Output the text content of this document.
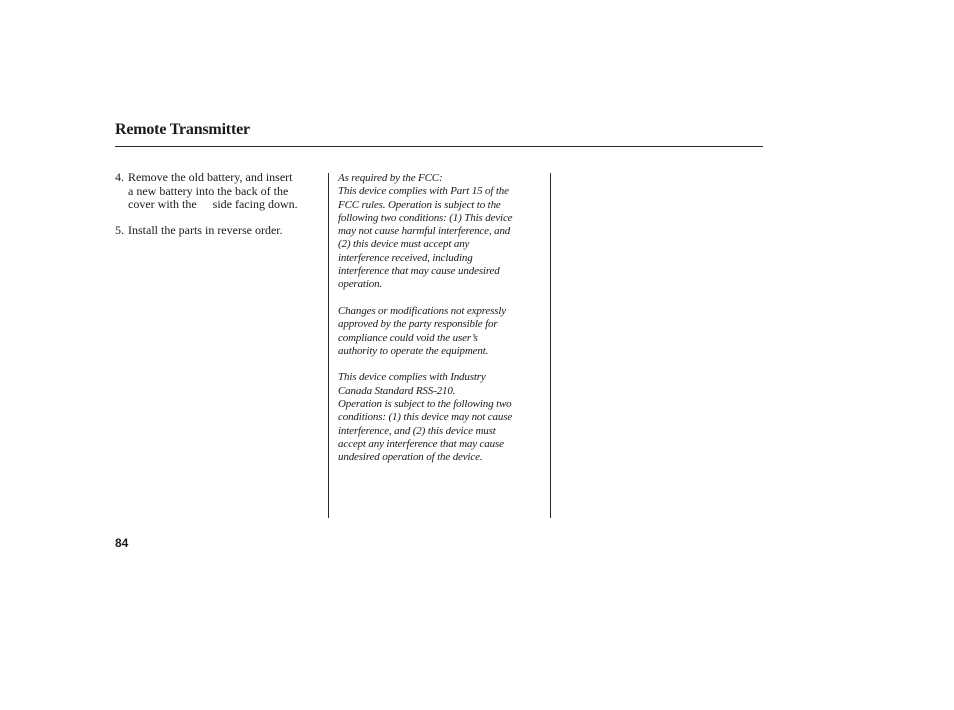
Remote Transmitter
4. Remove the old battery, and insert
a new battery into the back of the
cover with the side facing down.
5. Install the parts in reverse order.

As required by the FCC:
This device complies with Part 15 of the
FCC rules. Operation is subject to the
following two conditions: (1) This device
may not cause harmful interference, and
(2) this device must accept any
interference received, including
interference that may cause undesired
operation.

Changes or modifications not expressly
approved by the party responsible for
compliance could void the user’s
authority to operate the equipment.

This device complies with Industry
Canada Standard RSS-210.
Operation is subject to the following two
conditions: (1) this device may not cause
interference, and (2) this device must
accept any interference that may cause
undesired operation of the device.

84
